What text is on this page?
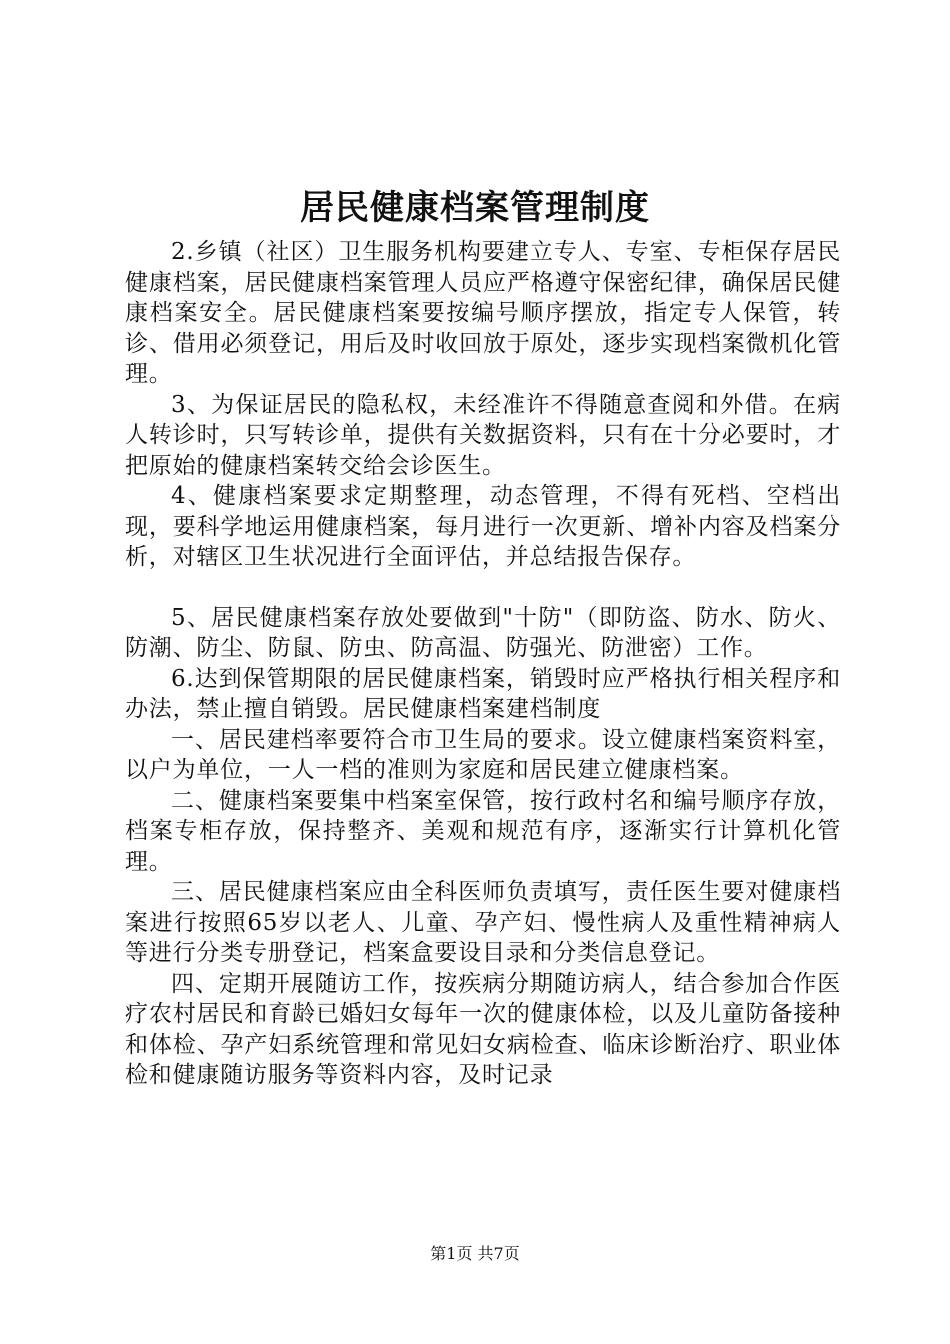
居民健康档案管理制度

2.乡镇（社区）卫生服务机构要建立专人、专室、专柜保存居民健康档案，居民健康档案管理人员应严格遵守保密纪律，确保居民健康档案安全。居民健康档案要按编号顺序摆放，指定专人保管，转诊、借用必须登记，用后及时收回放于原处，逐步实现档案微机化管理。

3、为保证居民的隐私权，未经准许不得随意查阅和外借。在病人转诊时，只写转诊单，提供有关数据资料，只有在十分必要时，才把原始的健康档案转交给会诊医生。

4、健康档案要求定期整理，动态管理，不得有死档、空档出现，要科学地运用健康档案，每月进行一次更新、增补内容及档案分析，对辖区卫生状况进行全面评估，并总结报告保存。

5、居民健康档案存放处要做到"十防"（即防盗、防水、防火、防潮、防尘、防鼠、防虫、防高温、防强光、防泄密）工作。

6.达到保管期限的居民健康档案，销毁时应严格执行相关程序和办法，禁止擅自销毁。居民健康档案建档制度

一、居民建档率要符合市卫生局的要求。设立健康档案资料室，以户为单位，一人一档的准则为家庭和居民建立健康档案。

二、健康档案要集中档案室保管，按行政村名和编号顺序存放，档案专柜存放，保持整齐、美观和规范有序，逐渐实行计算机化管理。

三、居民健康档案应由全科医师负责填写，责任医生要对健康档案进行按照65岁以老人、儿童、孕产妇、慢性病人及重性精神病人等进行分类专册登记，档案盒要设目录和分类信息登记。

四、定期开展随访工作，按疾病分期随访病人，结合参加合作医疗农村居民和育龄已婚妇女每年一次的健康体检，以及儿童防备接种和体检、孕产妇系统管理和常见妇女病检查、临床诊断治疗、职业体检和健康随访服务等资料内容，及时记录

第1页 共7页
